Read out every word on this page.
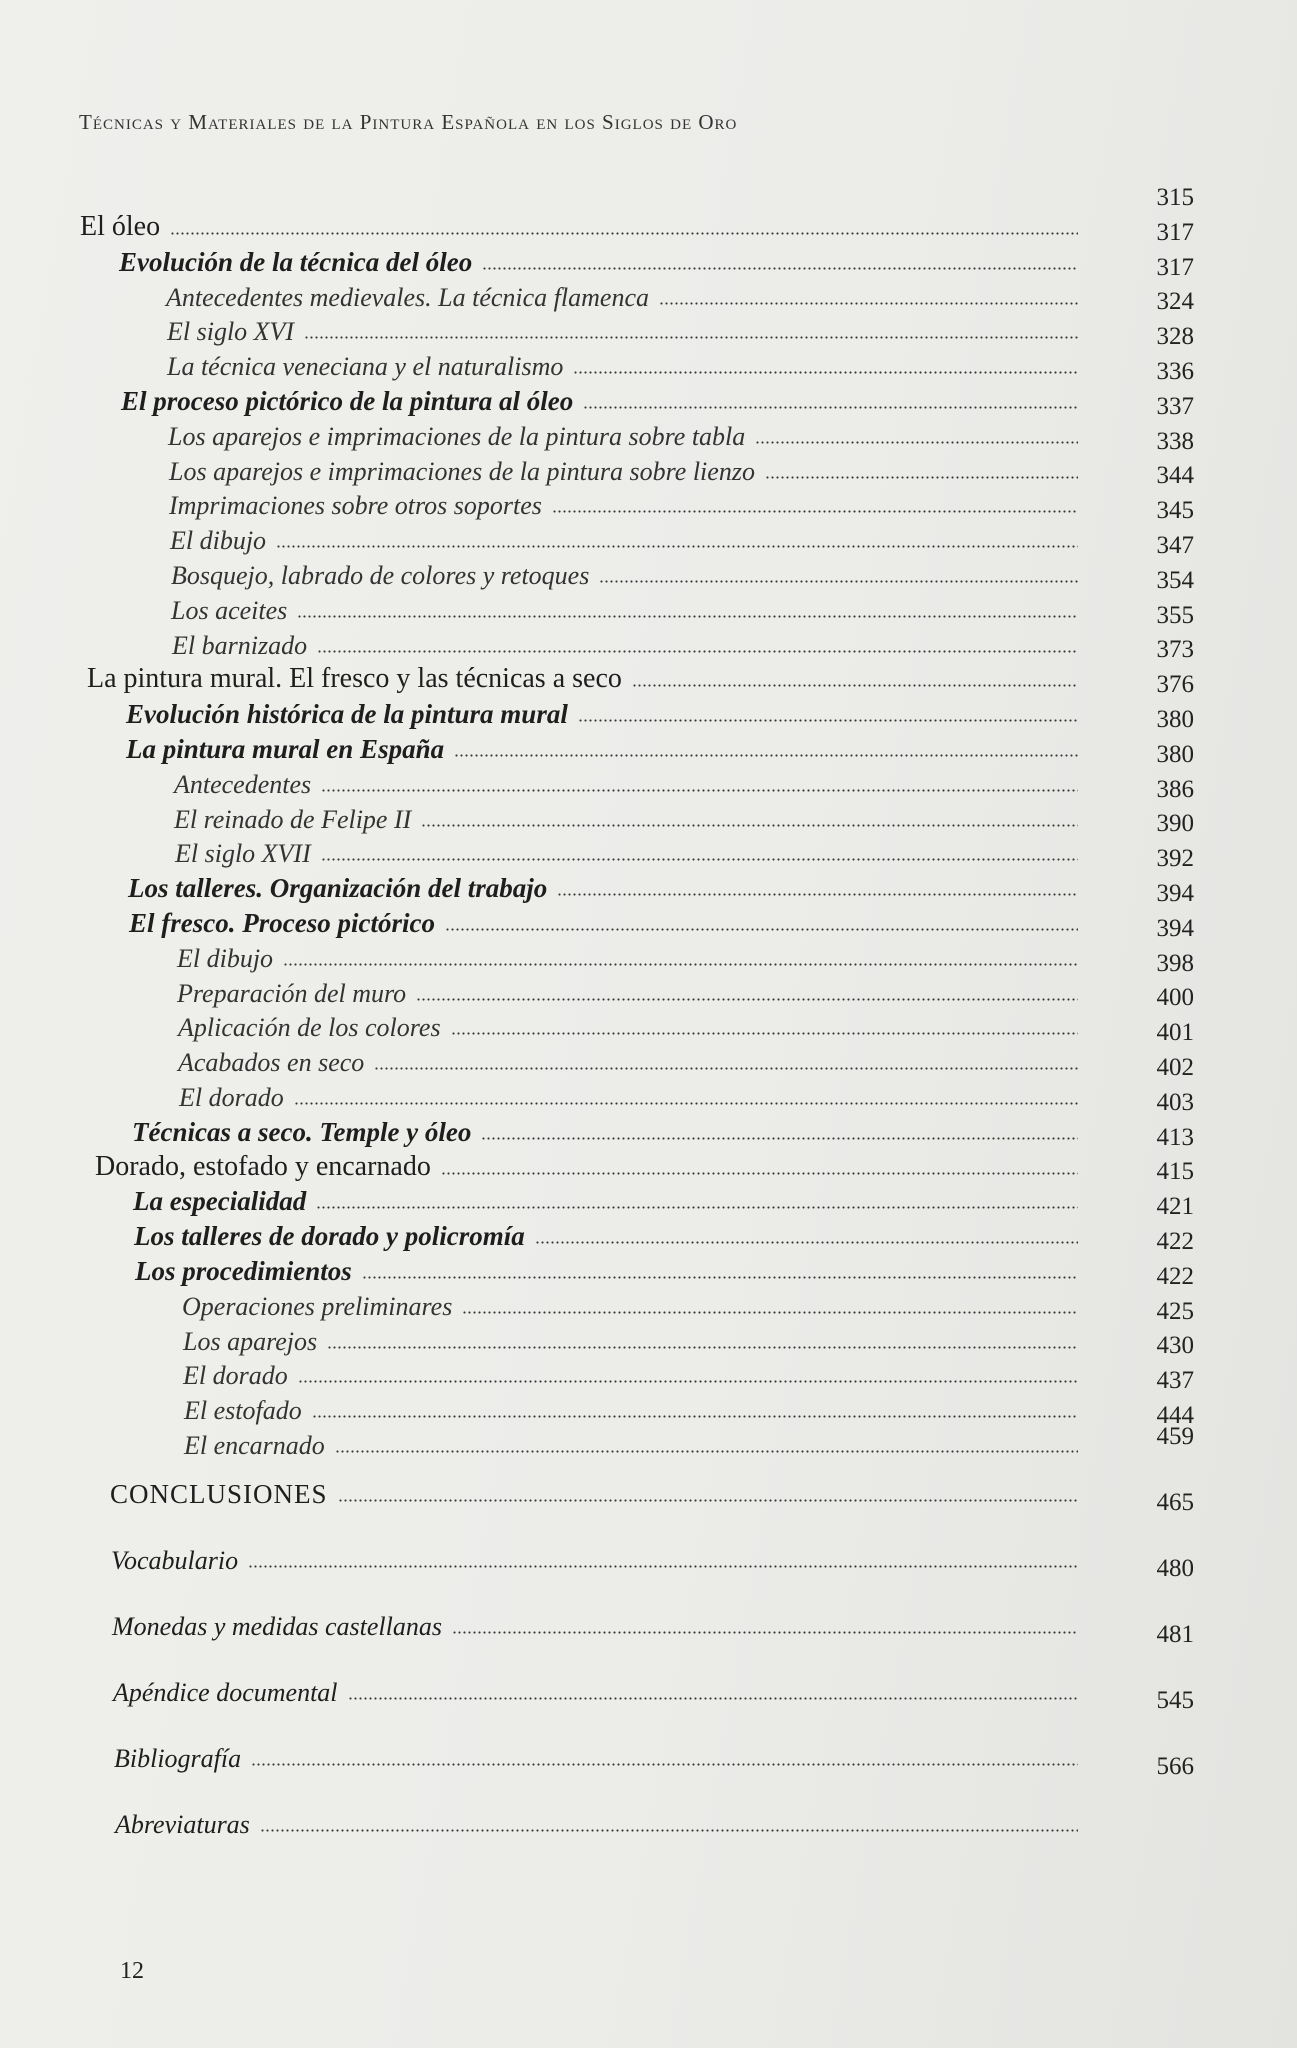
Técnicas y Materiales de la Pintura Española en los Siglos de Oro
El óleo
315
Evolución de la técnica del óleo
317
Antecedentes medievales. La técnica flamenca
317
El siglo XVI
324
La técnica veneciana y el naturalismo
328
El proceso pictórico de la pintura al óleo
336
Los aparejos e imprimaciones de la pintura sobre tabla
337
Los aparejos e imprimaciones de la pintura sobre lienzo
338
Imprimaciones sobre otros soportes
344
El dibujo
345
Bosquejo, labrado de colores y retoques
347
Los aceites
354
El barnizado
355
La pintura mural. El fresco y las técnicas a seco
373
Evolución histórica de la pintura mural
376
La pintura mural en España
380
Antecedentes
380
El reinado de Felipe II
386
El siglo XVII
390
Los talleres. Organización del trabajo
392
El fresco. Proceso pictórico
394
El dibujo
394
Preparación del muro
398
Aplicación de los colores
400
Acabados en seco
401
El dorado
402
Técnicas a seco. Temple y óleo
403
Dorado, estofado y encarnado
413
La especialidad
415
Los talleres de dorado y policromía
421
Los procedimientos
422
Operaciones preliminares
422
Los aparejos
425
El dorado
430
El estofado
437
El encarnado
444
CONCLUSIONES
459
Vocabulario
465
Monedas y medidas castellanas
480
Apéndice documental
481
Bibliografía
545
Abreviaturas
566
12
